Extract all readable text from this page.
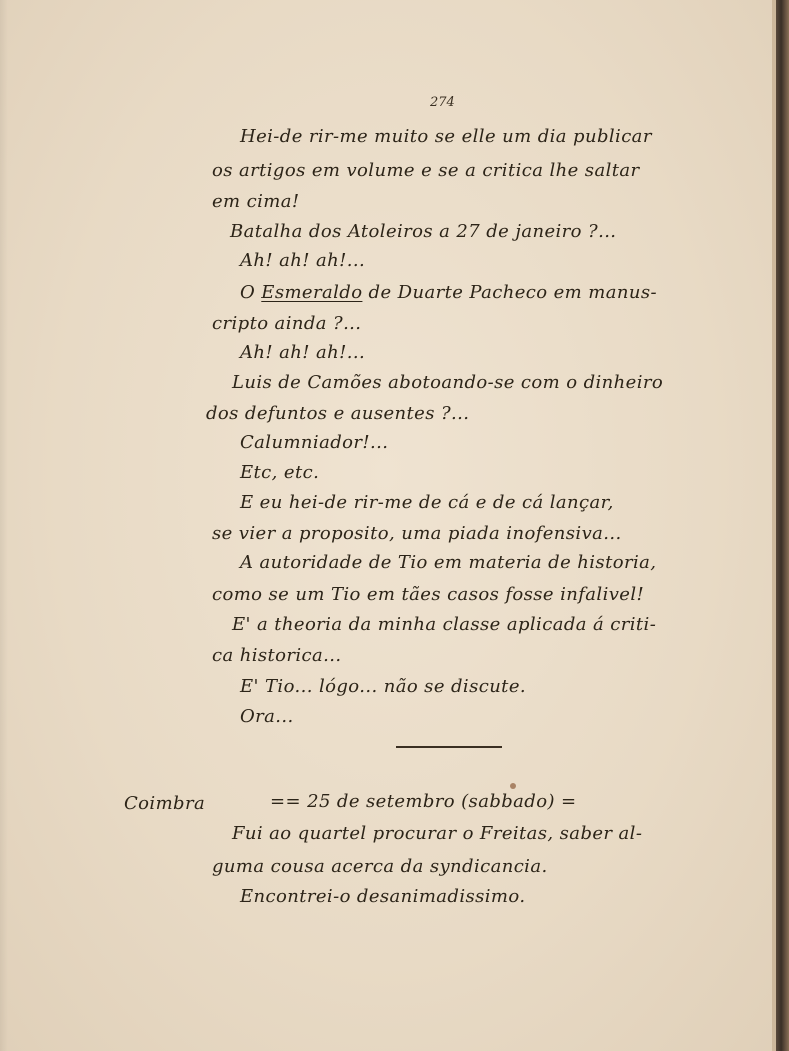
274
Hei-de rir-me muito se elle um dia publicar
os artigos em volume e se a critica lhe saltar
em cima!
Batalha dos Atoleiros a 27 de janeiro ?...
Ah! ah! ah!...
O Esmeraldo de Duarte Pacheco em manus-
cripto ainda ?...
Ah! ah! ah!...
Luis de Camões abotoando-se com o dinheiro
dos defuntos e ausentes ?...
Calumniador!...
Etc, etc.
E eu hei-de rir-me de cá e de cá lançar,
se vier a proposito, uma piada inofensiva...
A autoridade de Tio em materia de historia,
como se um Tio em tães casos fosse infalivel!
E' a theoria da minha classe aplicada á criti-
ca historica...
E' Tio... lógo... não se discute.
Ora...
Coimbra	== 25 de setembro (sabbado) =
Fui ao quartel procurar o Freitas, saber al-
guma cousa acerca da syndicancia.
Encontrei-o desanimadissimo.
